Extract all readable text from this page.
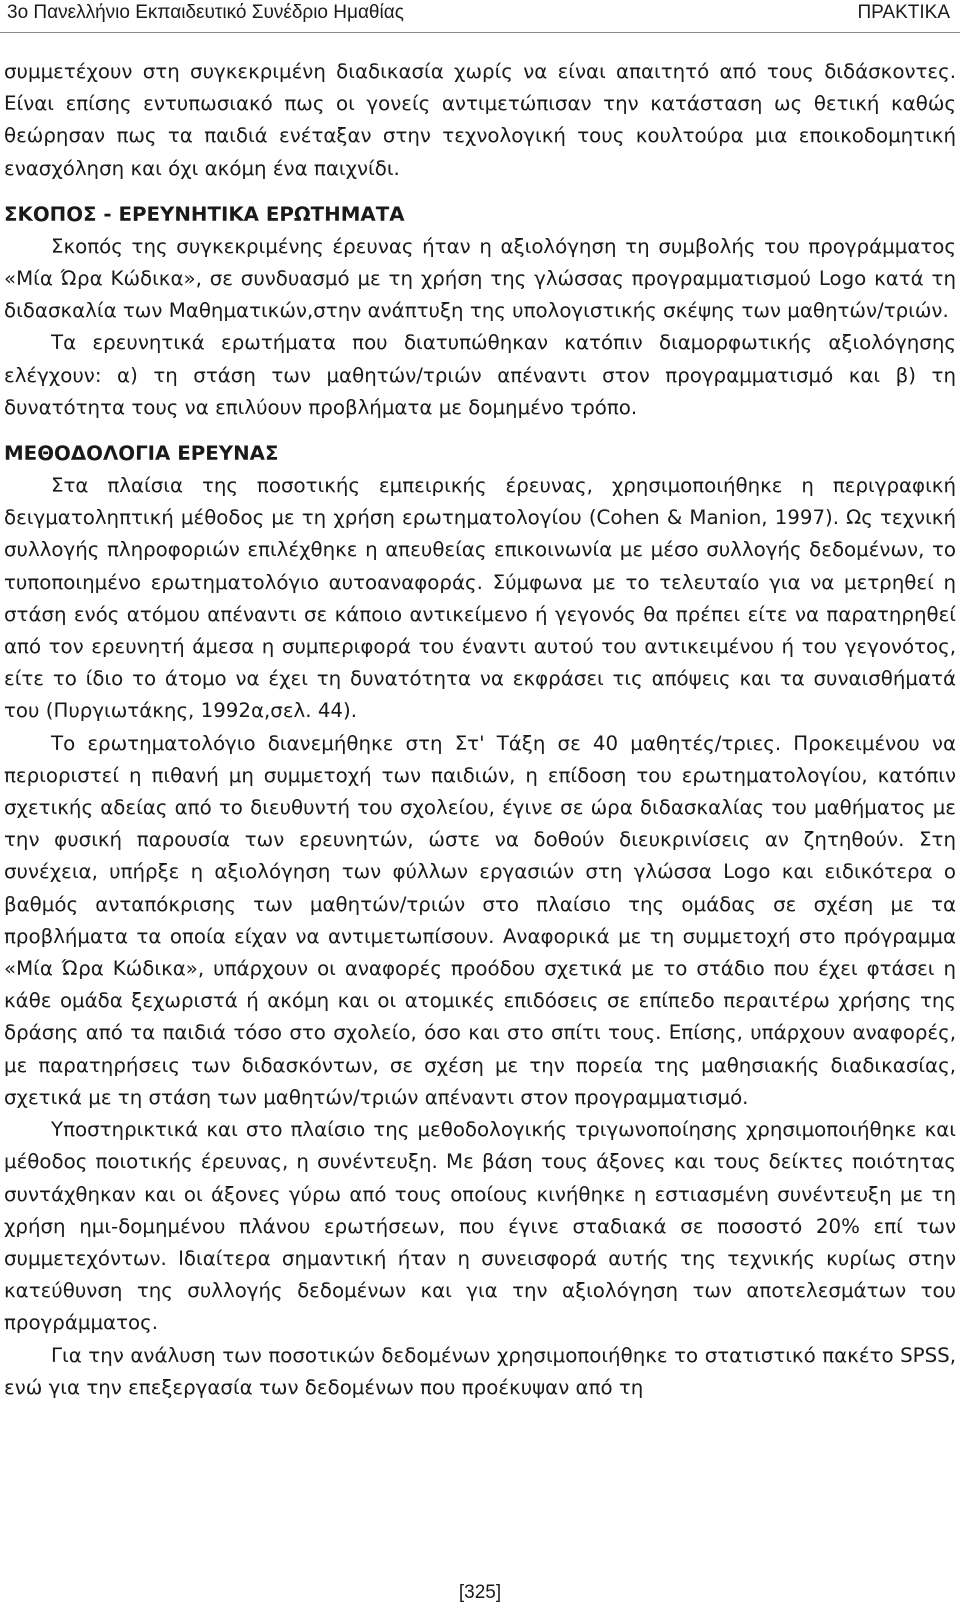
3ο Πανελλήνιο Εκπαιδευτικό Συνέδριο Ημαθίας	ΠΡΑΚΤΙΚΑ

συμμετέχουν στη συγκεκριμένη διαδικασία χωρίς να είναι απαιτητό από τους διδάσκοντες. Είναι επίσης εντυπωσιακό πως οι γονείς αντιμετώπισαν την κατάσταση ως θετική καθώς θεώρησαν πως τα παιδιά ενέταξαν στην τεχνολογική τους κουλτούρα μια εποικοδομητική ενασχόληση και όχι ακόμη ένα παιχνίδι.

ΣΚΟΠΟΣ - ΕΡΕΥΝΗΤΙΚΑ ΕΡΩΤΗΜΑΤΑ

Σκοπός της συγκεκριμένης έρευνας ήταν η αξιολόγηση τη συμβολής του προγράμματος «Μία Ώρα Κώδικα», σε συνδυασμό με τη χρήση της γλώσσας προγραμματισμού Logo κατά τη διδασκαλία των Μαθηματικών,στην ανάπτυξη της υπολογιστικής σκέψης των μαθητών/τριών.

Τα ερευνητικά ερωτήματα που διατυπώθηκαν κατόπιν διαμορφωτικής αξιολόγησης ελέγχουν: α) τη στάση των μαθητών/τριών απέναντι στον προγραμματισμό και β) τη δυνατότητα τους να επιλύουν προβλήματα με δομημένο τρόπο.

ΜΕΘΟΔΟΛΟΓΙΑ ΕΡΕΥΝΑΣ

Στα πλαίσια της ποσοτικής εμπειρικής έρευνας, χρησιμοποιήθηκε η περιγραφική δειγματοληπτική μέθοδος με τη χρήση ερωτηματολογίου (Cohen & Manion, 1997). Ως τεχνική συλλογής πληροφοριών επιλέχθηκε η απευθείας επικοινωνία με μέσο συλλογής δεδομένων, το τυποποιημένο ερωτηματολόγιο αυτοαναφοράς. Σύμφωνα με το τελευταίο για να μετρηθεί η στάση ενός ατόμου απέναντι σε κάποιο αντικείμενο ή γεγονός θα πρέπει είτε να παρατηρηθεί από τον ερευνητή άμεσα η συμπεριφορά του έναντι αυτού του αντικειμένου ή του γεγονότος, είτε το ίδιο το άτομο να έχει τη δυνατότητα να εκφράσει τις απόψεις και τα συναισθήματά του (Πυργιωτάκης, 1992α,σελ. 44).

Το ερωτηματολόγιο διανεμήθηκε στη Στ' Τάξη σε 40 μαθητές/τριες. Προκειμένου να περιοριστεί η πιθανή μη συμμετοχή των παιδιών, η επίδοση του ερωτηματολογίου, κατόπιν σχετικής αδείας από το διευθυντή του σχολείου, έγινε σε ώρα διδασκαλίας του μαθήματος με την φυσική παρουσία των ερευνητών, ώστε να δοθούν διευκρινίσεις αν ζητηθούν. Στη συνέχεια, υπήρξε η αξιολόγηση των φύλλων εργασιών στη γλώσσα Logo και ειδικότερα ο βαθμός ανταπόκρισης των μαθητών/τριών στο πλαίσιο της ομάδας σε σχέση με τα προβλήματα τα οποία είχαν να αντιμετωπίσουν. Αναφορικά με τη συμμετοχή στο πρόγραμμα «Μία Ώρα Κώδικα», υπάρχουν οι αναφορές προόδου σχετικά με το στάδιο που έχει φτάσει η κάθε ομάδα ξεχωριστά ή ακόμη και οι ατομικές επιδόσεις σε επίπεδο περαιτέρω χρήσης της δράσης από τα παιδιά τόσο στο σχολείο, όσο και στο σπίτι τους. Επίσης, υπάρχουν αναφορές, με παρατηρήσεις των διδασκόντων, σε σχέση με την πορεία της μαθησιακής διαδικασίας, σχετικά με τη στάση των μαθητών/τριών απέναντι στον προγραμματισμό.

Υποστηρικτικά και στο πλαίσιο της μεθοδολογικής τριγωνοποίησης χρησιμοποιήθηκε και μέθοδος ποιοτικής έρευνας, η συνέντευξη. Με βάση τους άξονες και τους δείκτες ποιότητας συντάχθηκαν και οι άξονες γύρω από τους οποίους κινήθηκε η εστιασμένη συνέντευξη με τη χρήση ημι-δομημένου πλάνου ερωτήσεων, που έγινε σταδιακά σε ποσοστό 20% επί των συμμετεχόντων. Ιδιαίτερα σημαντική ήταν η συνεισφορά αυτής της τεχνικής κυρίως στην κατεύθυνση της συλλογής δεδομένων και για την αξιολόγηση των αποτελεσμάτων του προγράμματος.

Για την ανάλυση των ποσοτικών δεδομένων χρησιμοποιήθηκε το στατιστικό πακέτο SPSS, ενώ για την επεξεργασία των δεδομένων που προέκυψαν από τη

[325]
